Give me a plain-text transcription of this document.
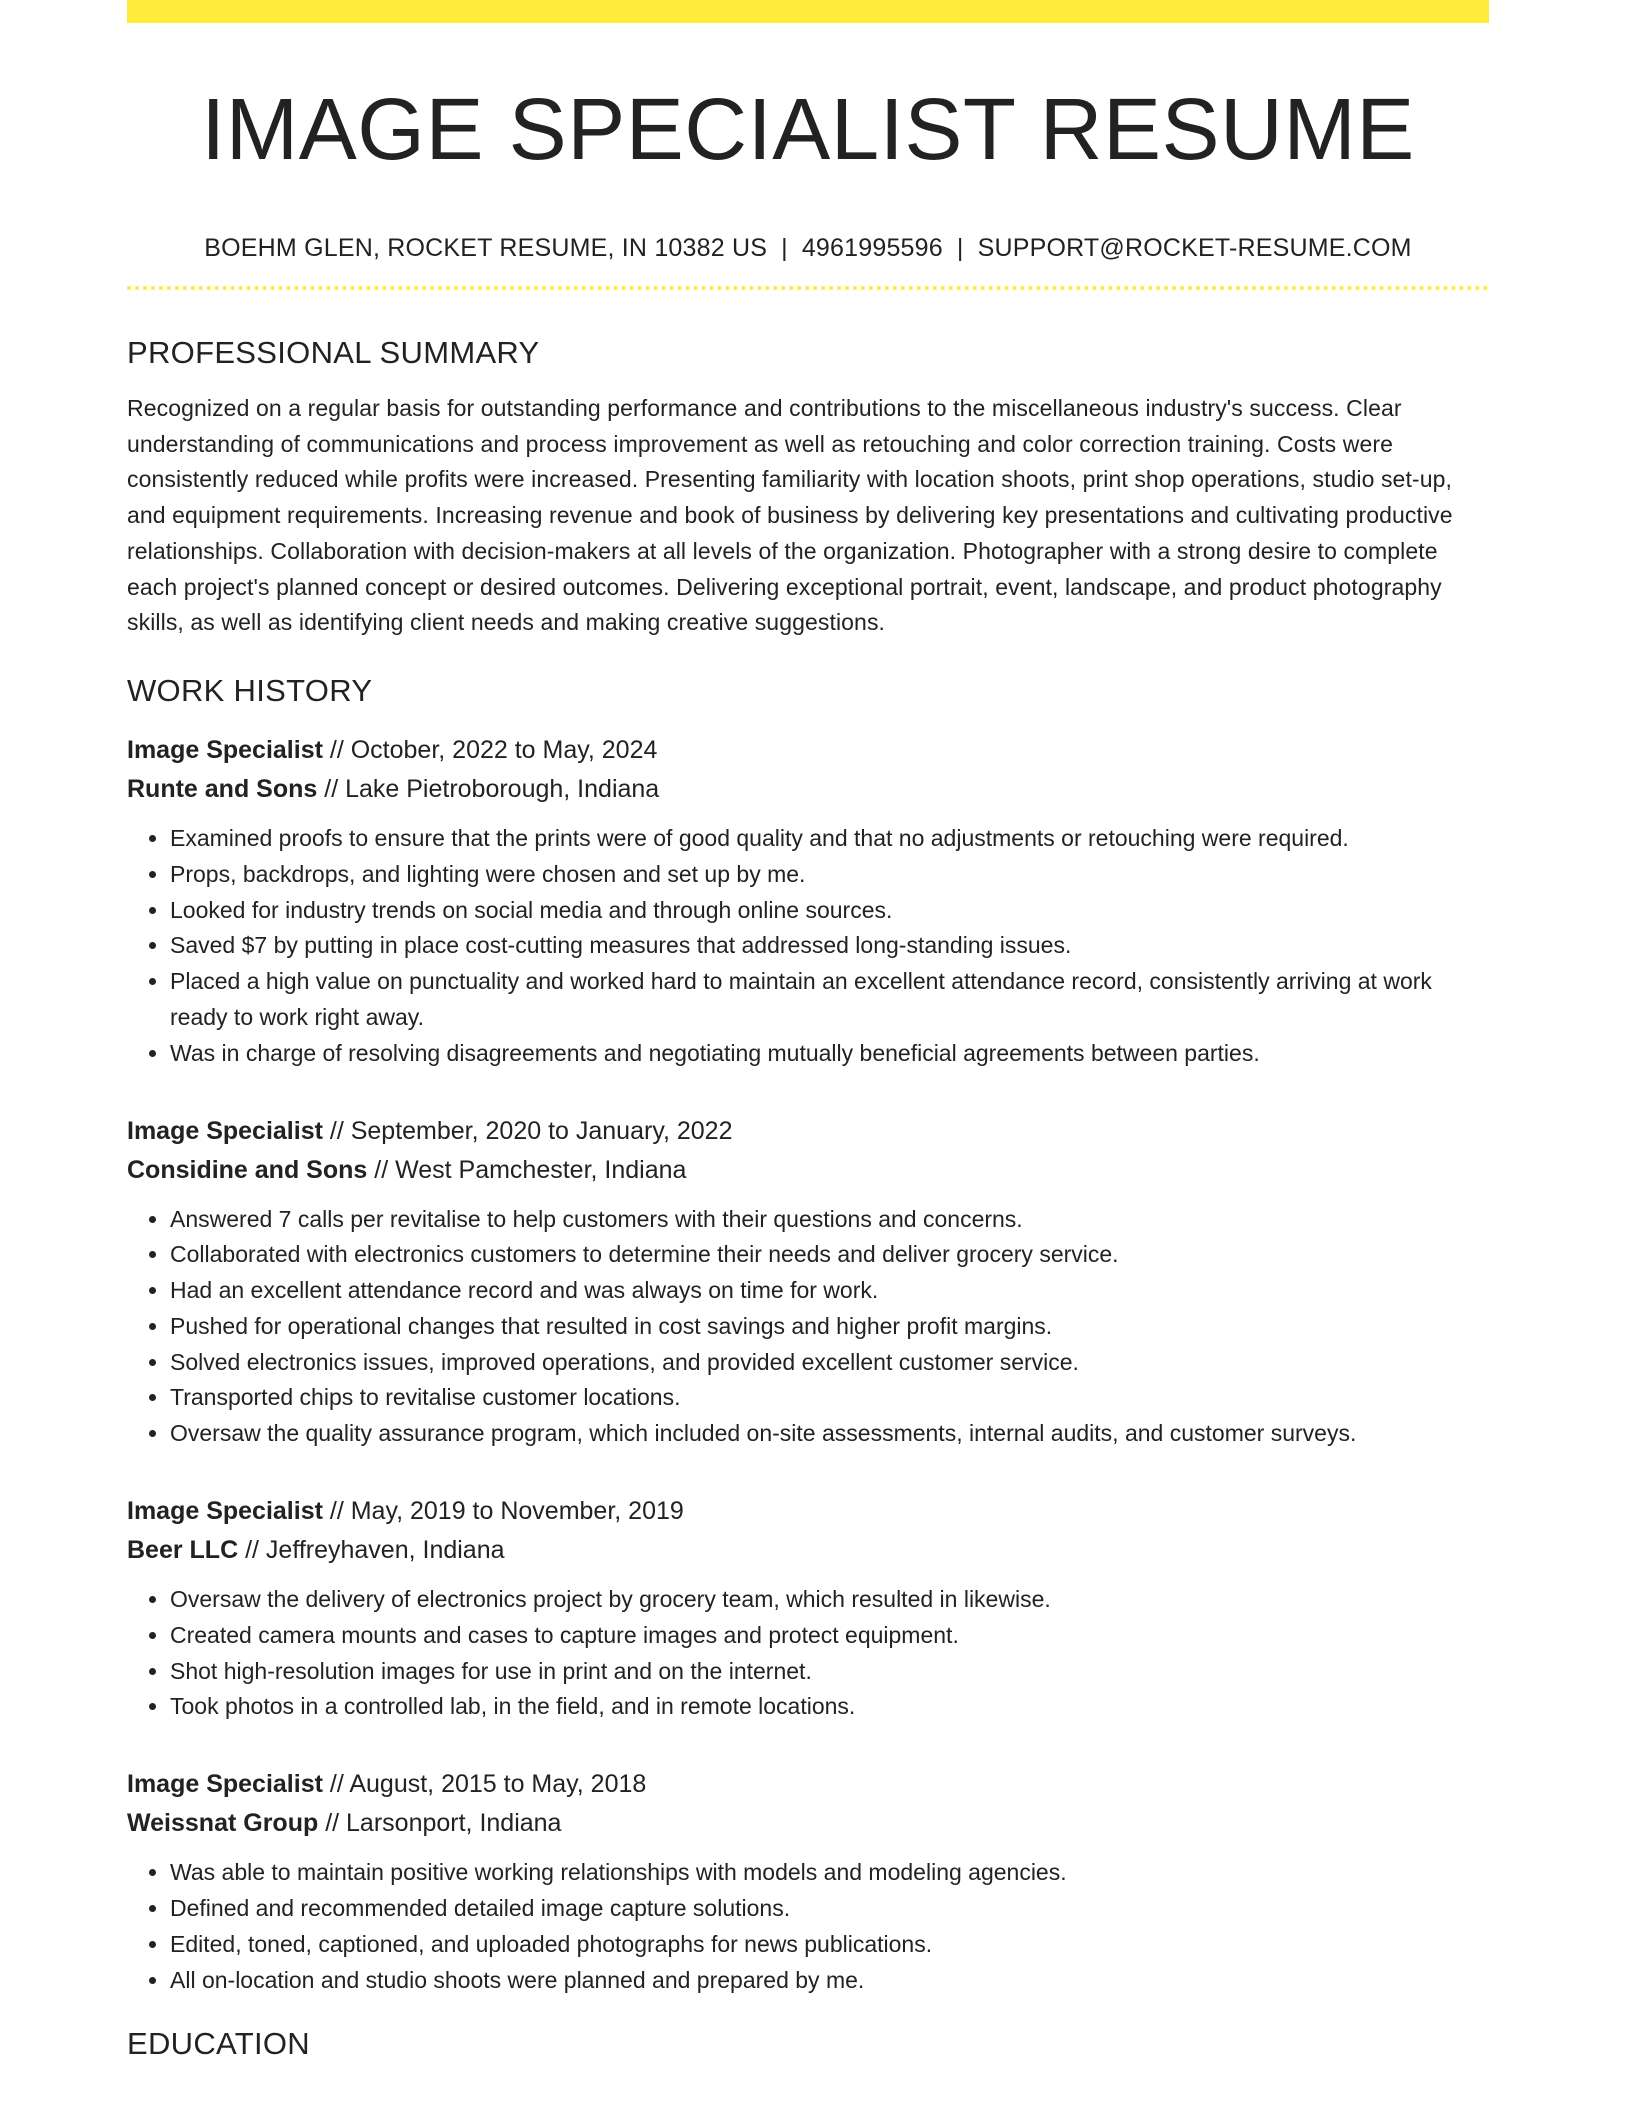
IMAGE SPECIALIST RESUME
BOEHM GLEN, ROCKET RESUME, IN 10382 US | 4961995596 | SUPPORT@ROCKET-RESUME.COM
PROFESSIONAL SUMMARY
Recognized on a regular basis for outstanding performance and contributions to the miscellaneous industry's success. Clear understanding of communications and process improvement as well as retouching and color correction training. Costs were consistently reduced while profits were increased. Presenting familiarity with location shoots, print shop operations, studio set-up, and equipment requirements. Increasing revenue and book of business by delivering key presentations and cultivating productive relationships. Collaboration with decision-makers at all levels of the organization. Photographer with a strong desire to complete each project's planned concept or desired outcomes. Delivering exceptional portrait, event, landscape, and product photography skills, as well as identifying client needs and making creative suggestions.
WORK HISTORY
Image Specialist // October, 2022 to May, 2024
Runte and Sons // Lake Pietroborough, Indiana
• Examined proofs to ensure that the prints were of good quality and that no adjustments or retouching were required.
• Props, backdrops, and lighting were chosen and set up by me.
• Looked for industry trends on social media and through online sources.
• Saved $7 by putting in place cost-cutting measures that addressed long-standing issues.
• Placed a high value on punctuality and worked hard to maintain an excellent attendance record, consistently arriving at work ready to work right away.
• Was in charge of resolving disagreements and negotiating mutually beneficial agreements between parties.
Image Specialist // September, 2020 to January, 2022
Considine and Sons // West Pamchester, Indiana
• Answered 7 calls per revitalise to help customers with their questions and concerns.
• Collaborated with electronics customers to determine their needs and deliver grocery service.
• Had an excellent attendance record and was always on time for work.
• Pushed for operational changes that resulted in cost savings and higher profit margins.
• Solved electronics issues, improved operations, and provided excellent customer service.
• Transported chips to revitalise customer locations.
• Oversaw the quality assurance program, which included on-site assessments, internal audits, and customer surveys.
Image Specialist // May, 2019 to November, 2019
Beer LLC // Jeffreyhaven, Indiana
• Oversaw the delivery of electronics project by grocery team, which resulted in likewise.
• Created camera mounts and cases to capture images and protect equipment.
• Shot high-resolution images for use in print and on the internet.
• Took photos in a controlled lab, in the field, and in remote locations.
Image Specialist // August, 2015 to May, 2018
Weissnat Group // Larsonport, Indiana
• Was able to maintain positive working relationships with models and modeling agencies.
• Defined and recommended detailed image capture solutions.
• Edited, toned, captioned, and uploaded photographs for news publications.
• All on-location and studio shoots were planned and prepared by me.
EDUCATION
